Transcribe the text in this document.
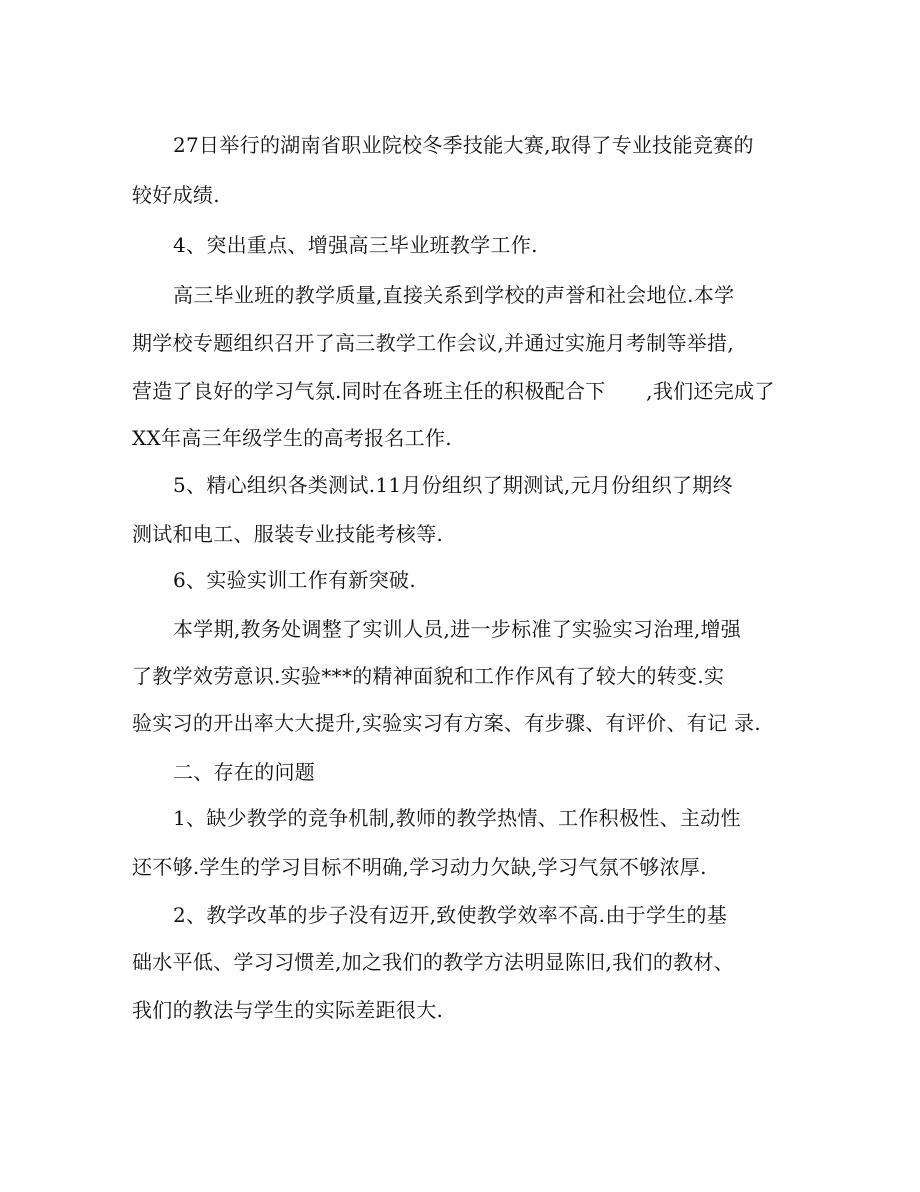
27日举行的湖南省职业院校冬季技能大赛,取得了专业技能竞赛的
较好成绩.
4、突出重点、增强高三毕业班教学工作.
高三毕业班的教学质量,直接关系到学校的声誉和社会地位.本学
期学校专题组织召开了高三教学工作会议,并通过实施月考制等举措,
营造了良好的学习气氛.同时在各班主任的积极配合下　　,我们还完成了
XX年高三年级学生的高考报名工作.
5、精心组织各类测试.11月份组织了期测试,元月份组织了期终
测试和电工、服装专业技能考核等.
6、实验实训工作有新突破.
本学期,教务处调整了实训人员,进一步标准了实验实习治理,增强
了教学效劳意识.实验***的精神面貌和工作作风有了较大的转变.实
验实习的开出率大大提升,实验实习有方案、有步骤、有评价、有记 录.
二、存在的问题
1、缺少教学的竞争机制,教师的教学热情、工作积极性、主动性
还不够.学生的学习目标不明确,学习动力欠缺,学习气氛不够浓厚.
2、教学改革的步子没有迈开,致使教学效率不高.由于学生的基
础水平低、学习习惯差,加之我们的教学方法明显陈旧,我们的教材、
我们的教法与学生的实际差距很大.
